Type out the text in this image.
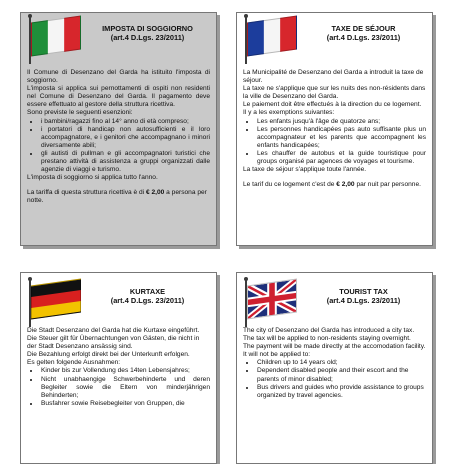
IMPOSTA DI SOGGIORNO
(art.4 D.Lgs. 23/2011)

Il Comune di Desenzano del Garda ha istituito l'imposta di soggiorno.

L'imposta si applica sui pernottamenti di ospiti non residenti nel Comune di Desenzano del Garda. Il pagamento deve essere effettuato al gestore della struttura ricettiva.

Sono previste le seguenti esenzioni:

• i bambini/ragazzi fino al 14° anno di età compreso;
• i portatori di handicap non autosufficienti e il loro accompagnatore, e i genitori che accompagnano i minori diversamente abili;
• gli autisti di pullman e gli accompagnatori turistici che prestano attività di assistenza a gruppi organizzati dalle agenzie di viaggi e turismo.

L'imposta di soggiorno si applica tutto l'anno.

La tariffa di questa struttura ricettiva è di € 2,00 a persona per notte.

TAXE DE SÉJOUR
(art.4 D.Lgs. 23/2011)

La Municipalité de Desenzano del Garda a introduit la taxe de séjour.

La taxe ne s'applique que sur les nuits des non-résidents dans la ville de Desenzano del Garda.

Le paiement doit être effectués à la direction du ce logement.

Il y a les exemptions suivantes:

• Les enfants jusqu'à l'âge de quatorze ans;
• Les personnes handicapées pas auto suffisante plus un accompagnateur et les parents que accompagnent les enfants handicapées;
• Les chauffer de autobus et la guide touristique pour groups organisé par agences de voyages et tourisme.

La taxe de séjour s'applique toute l'année.

Le tarif du ce logement c'est de € 2,00 par nuit par personne.

KURTAXE
(art.4 D.Lgs. 23/2011)

Die Stadt Desenzano del Garda hat die Kurtaxe eingeführt.

Die Steuer gilt für Übernachtungen von Gästen, die nicht in der Stadt Desenzano ansässig sind.

Die Bezahlung erfolgt direkt bei der Unterkunft erfolgen.

Es gelten folgende Ausnahmen:

• Kinder bis zur Vollendung des 14ten Lebensjahres;
• Nicht unabhaengige Schwerbehinderte und deren Begleiter sowie die Eltern von minderjährigen Behinderten;
• Busfahrer sowie Reisebegleiter von Gruppen, die
TOURIST TAX
(art.4 D.Lgs. 23/2011)

The city of Desenzano del Garda has introduced a city tax.

The tax will be applied to non-residents staying overnight.

The payment will be made directly at the accomodation facility.

It will not be applied to:

• Children up to 14 years old;
• Dependent disabled people and their escort and the parents of minor disabled;
• Bus drivers and guides who provide assistance to groups organized by travel agencies.
